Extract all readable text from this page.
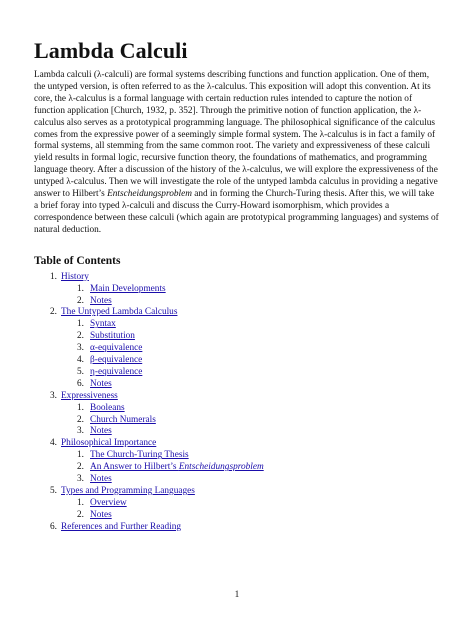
Lambda Calculi

Lambda calculi (λ-calculi) are formal systems describing functions and function application. One of them, the untyped version, is often referred to as the λ-calculus. This exposition will adopt this convention. At its core, the λ-calculus is a formal language with certain reduction rules intended to capture the notion of function application [Church, 1932, p. 352]. Through the primitive notion of function application, the λ-calculus also serves as a prototypical programming language. The philosophical significance of the calculus comes from the expressive power of a seemingly simple formal system. The λ-calculus is in fact a family of formal systems, all stemming from the same common root. The variety and expressiveness of these calculi yield results in formal logic, recursive function theory, the foundations of mathematics, and programming language theory. After a discussion of the history of the λ-calculus, we will explore the expressiveness of the untyped λ-calculus. Then we will investigate the role of the untyped lambda calculus in providing a negative answer to Hilbert’s Entscheidungsproblem and in forming the Church-Turing thesis. After this, we will take a brief foray into typed λ-calculi and discuss the Curry-Howard isomorphism, which provides a correspondence between these calculi (which again are prototypical programming languages) and systems of natural deduction.

Table of Contents
1. History
1. Main Developments
2. Notes
2. The Untyped Lambda Calculus
1. Syntax
2. Substitution
3. α-equivalence
4. β-equivalence
5. η-equivalence
6. Notes
3. Expressiveness
1. Booleans
2. Church Numerals
3. Notes
4. Philosophical Importance
1. The Church-Turing Thesis
2. An Answer to Hilbert’s Entscheidungsproblem
3. Notes
5. Types and Programming Languages
1. Overview
2. Notes
6. References and Further Reading
1
